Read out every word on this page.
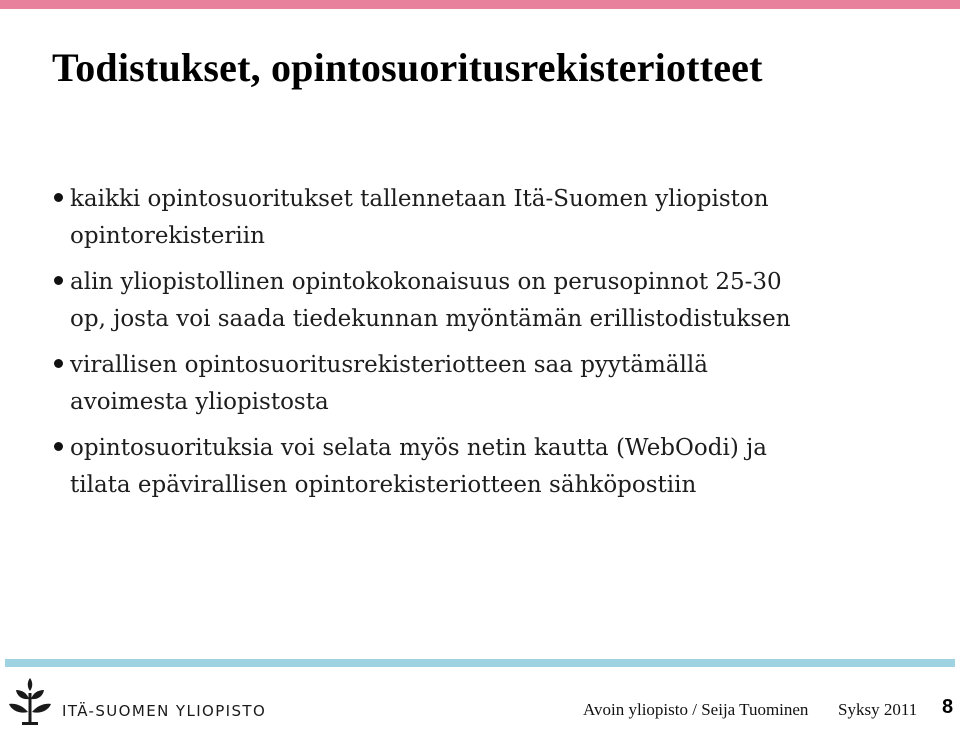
Todistukset, opintosuoritusrekisteriotteet
kaikki opintosuoritukset tallennetaan Itä-Suomen yliopiston
opintorekisteriin
alin yliopistollinen opintokokonaisuus on perusopinnot 25-30
op, josta voi saada tiedekunnan myöntämän erillistodistuksen
virallisen opintosuoritusrekisteriotteen saa pyytämällä
avoimesta yliopistosta
opintosuorituksia voi selata myös netin kautta (WebOodi) ja
tilata epävirallisen opintorekisteriotteen sähköpostiin
ITÄ-SUOMEN YLIOPISTO	Avoin yliopisto / Seija Tuominen Syksy 2011 8
